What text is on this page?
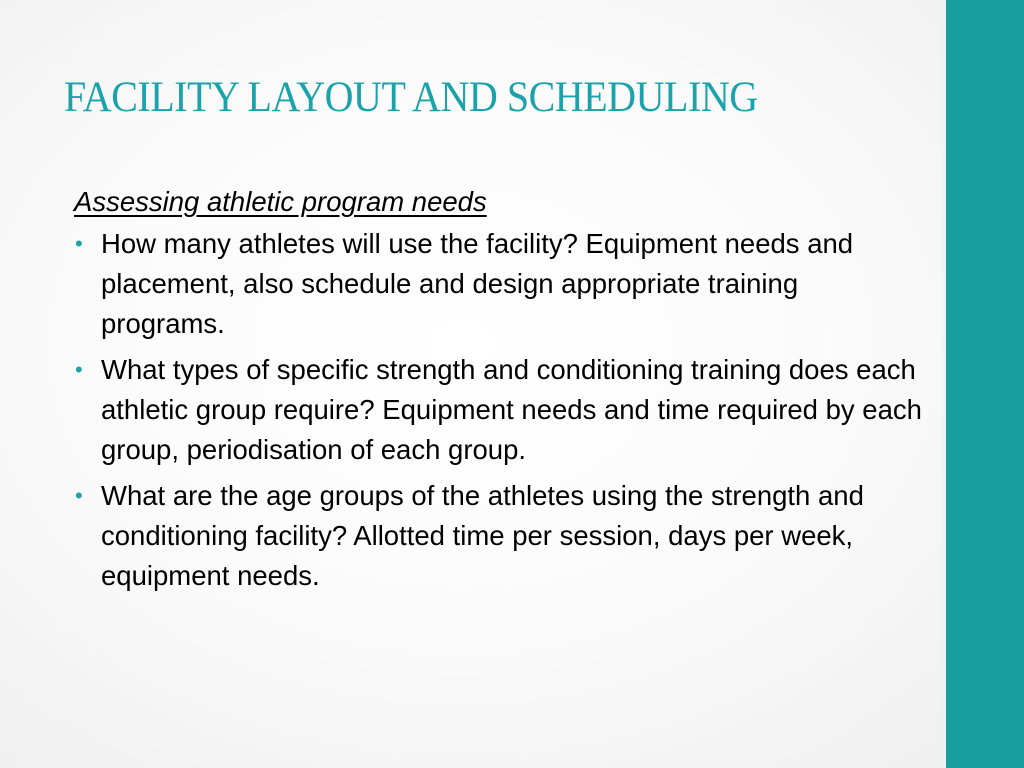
FACILITY LAYOUT AND SCHEDULING

Assessing athletic program needs

• How many athletes will use the facility? Equipment needs and placement, also schedule and design appropriate training programs.
• What types of specific strength and conditioning training does each athletic group require? Equipment needs and time required by each group, periodisation of each group.
• What are the age groups of the athletes using the strength and conditioning facility? Allotted time per session, days per week, equipment needs.
